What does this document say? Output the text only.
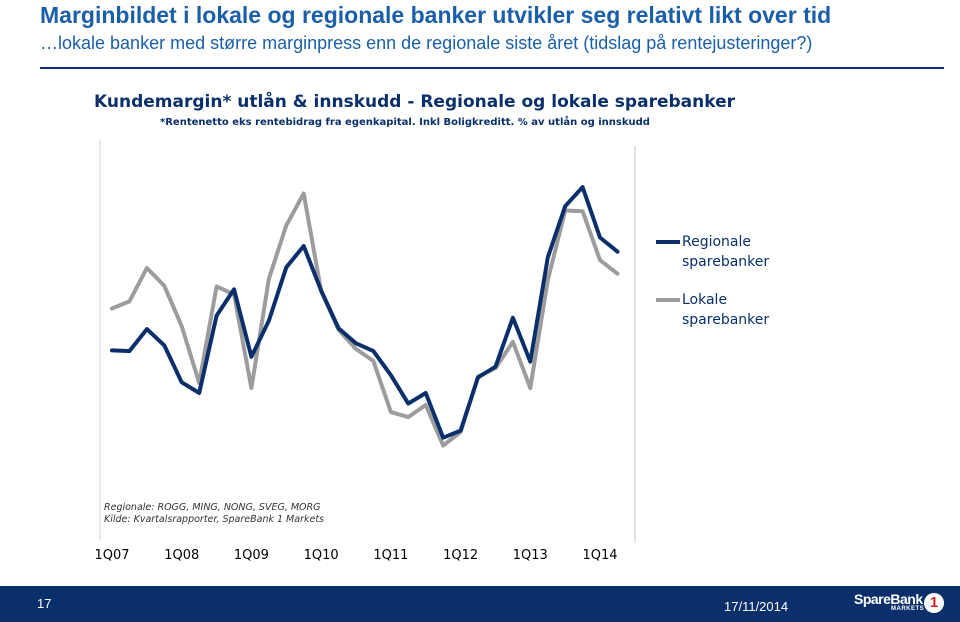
Marginbildet i lokale og regionale banker utvikler seg relativt likt over tid

…lokale banker med større marginpress enn de regionale siste året (tidslag på rentejusteringer?)

Kundemargin* utlån & innskudd - Regionale og lokale sparebanker
*Rentenetto eks rentebidrag fra egenkapital. Inkl Boligkreditt. % av utlån og innskudd
1Q07	1Q08	1Q09	1Q10	1Q11	1Q12	1Q13	1Q14
Regionale sparebanker
Lokale sparebanker
Regionale: ROGG, MING, NONG, SVEG, MORG
Kilde: Kvartalsrapporter, SpareBank 1 Markets
17	17/11/2014	SpareBank
MARKETS 1
